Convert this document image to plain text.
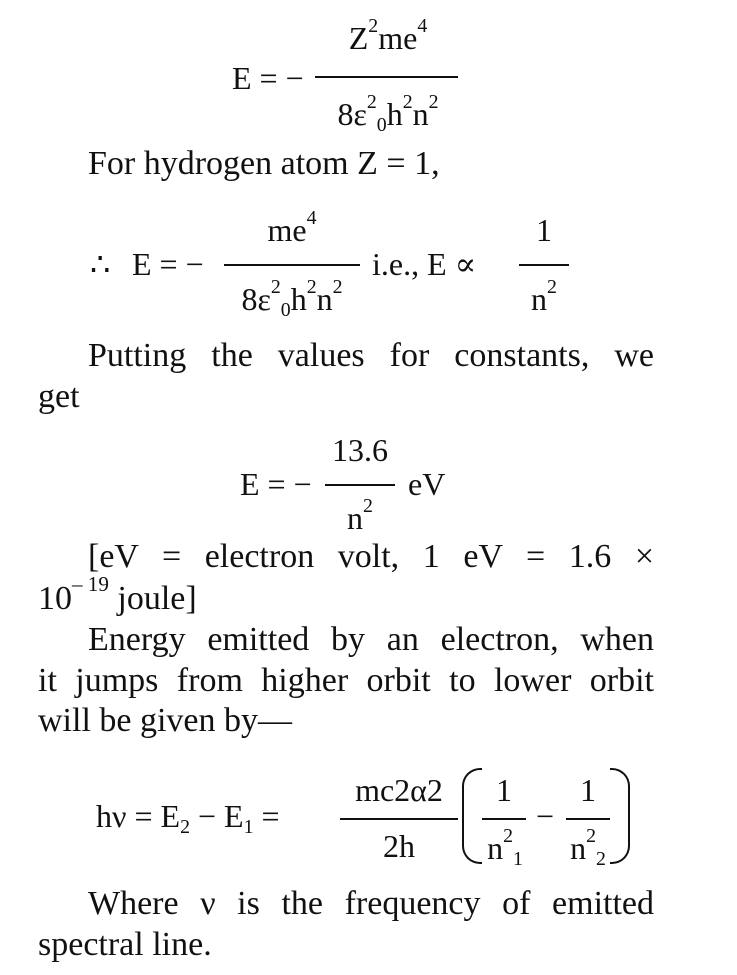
E = −
$Z^2me^4$
$8\varepsilon^2_0h^2n^2$
For hydrogen atom Z = 1,
∴ E = −
$me^4$
$8\varepsilon^2_0h^2n^2$
i.e., E ∝
1
$n^2$
Putting the values for constants, we
get
E = −
13.6
$n^2$
eV
[eV = electron volt, 1 eV = 1.6 ×
$10^{- 19}$ joule]
Energy emitted by an electron, when
it jumps from higher orbit to lower orbit
will be given by—
$h\nu = E_2 - E_1$ =
mc2α2
2h
1
$n^2_1$
−
1
$n^2_2$
Where ν is the frequency of emitted
spectral line.
